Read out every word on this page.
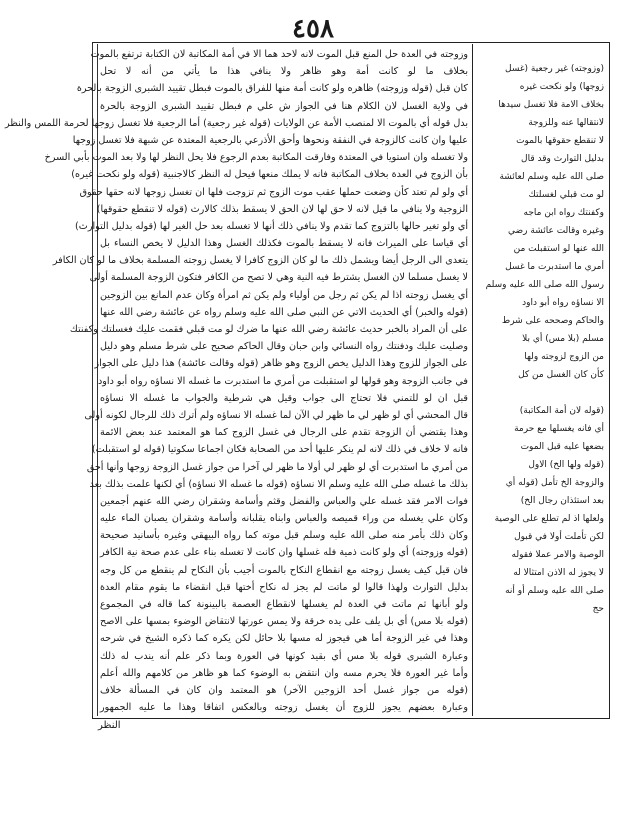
٤٥٨
وزوجته في العدة حل المنع قبل الموت لانه لاحد هما الا في أمة المكاتبة لان الكتابة ترتفع بالموت
بخلاف ما لو كانت أمة وهو ظاهر ولا ينافي هذا ما يأتي من أنه لا تحل
كان قبل (قوله وزوجته) ظاهره ولو كانت أمة منها للفراق بالموت فبطل تقييد الشبرى الزوجة بالحرة
في ولاية الغسل لان الكلام هنا في الجواز ش علي م فبطل تقييد الشبرى الزوجة بالحرة
بدل قوله أي بالموت الا لمنصب الأمة عن الولايات (قوله غير رجعية) أما الرجعية فلا تغسل زوجها لحرمة اللمس والنظر
عليها وان كانت كالزوجة في النفقة ونحوها وأحق الأذرعي بالرجعية المعتدة عن شبهة فلا تغسل زوجها
ولا تغسله وان استويا في المعتدة وفارقت المكاتبة بعدم الرجوع فلا يحل النظر لها ولا بعد الموت بأبي السرخ
بأن الزوج في العدة بخلاف المكاتبة فانه لا يملك منعها فيحل له النظر كالاجنبية (قوله ولو نكحت غيره)
أي ولو لم تعتد كأن وضعت حملها عقب موت الزوج ثم تزوجت فلها ان تغسل زوجها لانه حقها حقوق
الزوجية ولا ينافي ما قيل لانه لا حق لها لان الحق لا يسقط بذلك كالارث (قوله لا تنقطع حقوقها)
أي ولو تغير حالها بالتزوج كما تقدم ولا ينافي ذلك أنها لا تغسله بعد حل الغير لها (قوله بدليل التوارث)
أي قياسا على الميراث فانه لا يسقط بالموت فكذلك الغسل وهذا الدليل لا يخص النساء بل
يتعدى الى الرجل أيضا ويشمل ذلك ما لو كان الزوج كافرا لا يغسل زوجته المسلمة بخلاف ما لو كان الكافر
لا يغسل مسلما لان الغسل يشترط فيه النية وهي لا تصح من الكافر فتكون الزوجة المسلمة أولى
أي يغسل زوجته اذا لم يكن ثم رجل من أولياء ولم يكن ثم امرأة وكان عدم المانع بين الزوجين
(قوله والخبر) أي الحديث الاتي عن النبي صلى الله عليه وسلم رواه عن عائشة رضي الله عنها
على أن المراد بالخبر حديث عائشة رضي الله عنها ما ضرك لو مت قبلي فقمت عليك فغسلتك وكفنتك
وصليت عليك ودفنتك رواه النسائي وابن حبان وقال الحاكم صحيح على شرط مسلم وهو دليل
على الجواز للزوج وهذا الدليل يخص الزوج وهو ظاهر (قوله وقالت عائشة) هذا دليل على الجواز
في جانب الزوجة وهو قولها لو استقبلت من أمري ما استدبرت ما غسله الا نساؤه رواه أبو داود
قبل ان لو للتمني فلا تحتاج الى جواب وقيل هي شرطية والجواب ما غسله الا نساؤه
قال المحشي أي لو ظهر لي ما ظهر لي الآن لما غسله الا نساؤه ولم أترك ذلك للرجال لكونه أولى
وهذا يقتضي أن الزوجة تقدم على الرجال في غسل الزوج كما هو المعتمد عند بعض الائمة
فانه لا خلاف في ذلك لانه لم ينكر عليها أحد من الصحابة فكان اجماعا سكوتيا (قوله لو استقبلت)
من أمري ما استدبرت أي لو ظهر لي أولا ما ظهر لي آخرا من جواز غسل الزوجة زوجها وأنها أحق
بذلك ما غسله صلى الله عليه وسلم الا نساؤه (قوله ما غسله الا نساؤه) أي لكنها علمت بذلك بعد
فوات الامر فقد غسله علي والعباس والفضل وقثم وأسامة وشقران رضي الله عنهم أجمعين
وكان علي يغسله من وراء قميصه والعباس وابناه يقلبانه وأسامة وشقران يصبان الماء عليه
وكان ذلك بأمر منه صلى الله عليه وسلم قبل موته كما رواه البيهقي وغيره بأسانيد صحيحة
(قوله وزوجته) أي ولو كانت ذمية فله غسلها وان كانت لا تغسله بناء على عدم صحة نية الكافر
فان قيل كيف يغسل زوجته مع انقطاع النكاح بالموت أجيب بأن النكاح لم ينقطع من كل وجه
بدليل التوارث ولهذا قالوا لو ماتت لم يجز له نكاح أختها قبل انقضاء ما يقوم مقام العدة
ولو أبانها ثم ماتت في العدة لم يغسلها لانقطاع العصمة بالبينونة كما قاله في المجموع
(قوله بلا مس) أي بل يلف على يده خرقة ولا يمس عورتها لانتقاض الوضوء بمسها على الاصح
وهذا في غير الزوجة أما هي فيجوز له مسها بلا حائل لكن يكره كما ذكره الشيخ في شرحه
وعبارة الشبرى قوله بلا مس أي بقيد كونها في العورة وبما ذكر علم أنه يندب له ذلك
وأما غير العورة فلا يحرم مسه وان انتقض به الوضوء كما هو ظاهر من كلامهم والله أعلم
(قوله من جواز غسل أحد الزوجين الآخر) هو المعتمد وان كان في المسألة خلاف
وعبارة بعضهم يجوز للزوج أن يغسل زوجته وبالعكس اتفاقا وهذا ما عليه الجمهور
(وزوجته) غير رجعية (غسل
زوجها) ولو نكحت غيره
بخلاف الامة فلا تغسل سيدها
لانتقالها عنه وللزوجة
لا تنقطع حقوقها بالموت
بدليل التوارث وقد قال
صلى الله عليه وسلم لعائشة
لو مت قبلي لغسلتك
وكفنتك رواه ابن ماجه
وغيره وقالت عائشة رضي
الله عنها لو استقبلت من
أمري ما استدبرت ما غسل
رسول الله صلى الله عليه وسلم
الا نساؤه رواه أبو داود
والحاكم وصححه على شرط
مسلم (بلا مس) أي بلا
من الزوج لزوجته ولها
كأن كان الغسل من كل
(قوله لان أمة المكاتبة)
أي فانه يغسلها مع حرمة
بضعها عليه قبل الموت
(قوله ولها الخ) الاول
والزوجة الخ تأمل (قوله أي
بعد استئذان رجال الخ)
ولعلها اذ لم تطلع على الوصية
لكن تأملت أولا في قبول
الوصية والامر عملا فقوله
لا يجوز له الاذن امتثالا له
صلى الله عليه وسلم أو أنه
حج
النظر
